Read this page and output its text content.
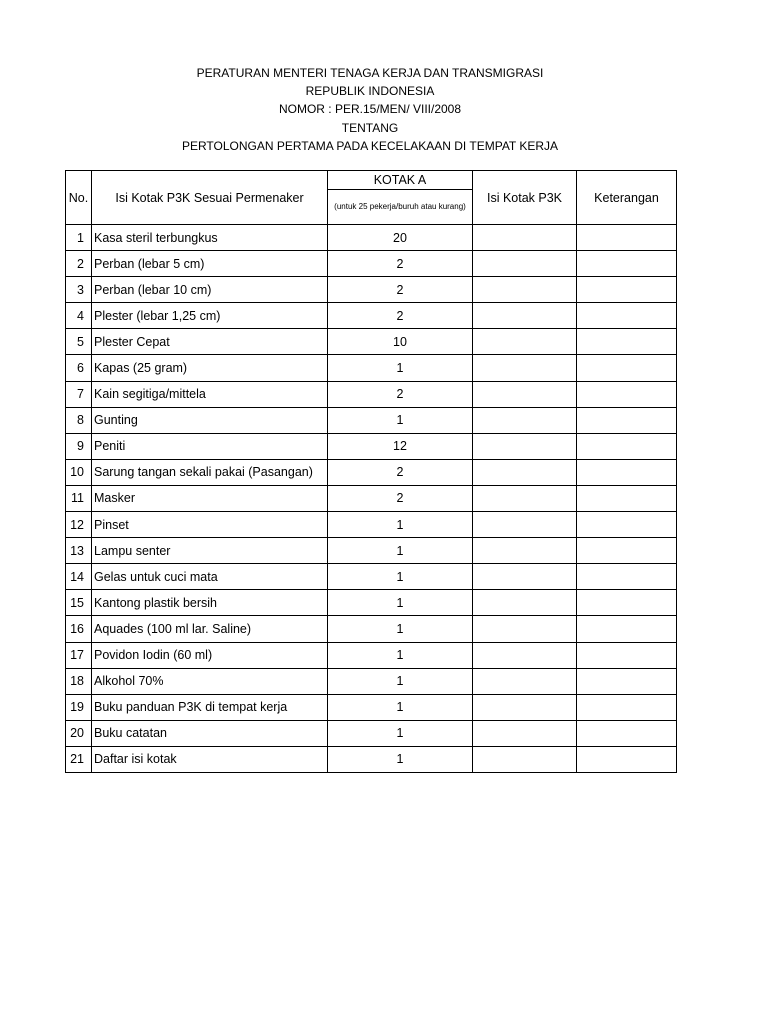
PERATURAN MENTERI TENAGA KERJA DAN TRANSMIGRASI
REPUBLIK INDONESIA
NOMOR : PER.15/MEN/ VIII/2008
TENTANG
PERTOLONGAN PERTAMA PADA KECELAKAAN DI TEMPAT KERJA
No.	Isi Kotak P3K Sesuai Permenaker	KOTAK A	Isi Kotak P3K	Keterangan
		(untuk 25 pekerja/buruh atau kurang)		
1	Kasa steril terbungkus	20		
2	Perban (lebar 5 cm)	2		
3	Perban (lebar 10 cm)	2		
4	Plester (lebar 1,25 cm)	2		
5	Plester Cepat	10		
6	Kapas (25 gram)	1		
7	Kain segitiga/mittela	2		
8	Gunting	1		
9	Peniti	12		
10	Sarung tangan sekali pakai (Pasangan)	2		
11	Masker	2		
12	Pinset	1		
13	Lampu senter	1		
14	Gelas untuk cuci mata	1		
15	Kantong plastik bersih	1		
16	Aquades (100 ml lar. Saline)	1		
17	Povidon Iodin (60 ml)	1		
18	Alkohol 70%	1		
19	Buku panduan P3K di tempat kerja	1		
20	Buku catatan	1		
21	Daftar isi kotak	1		
